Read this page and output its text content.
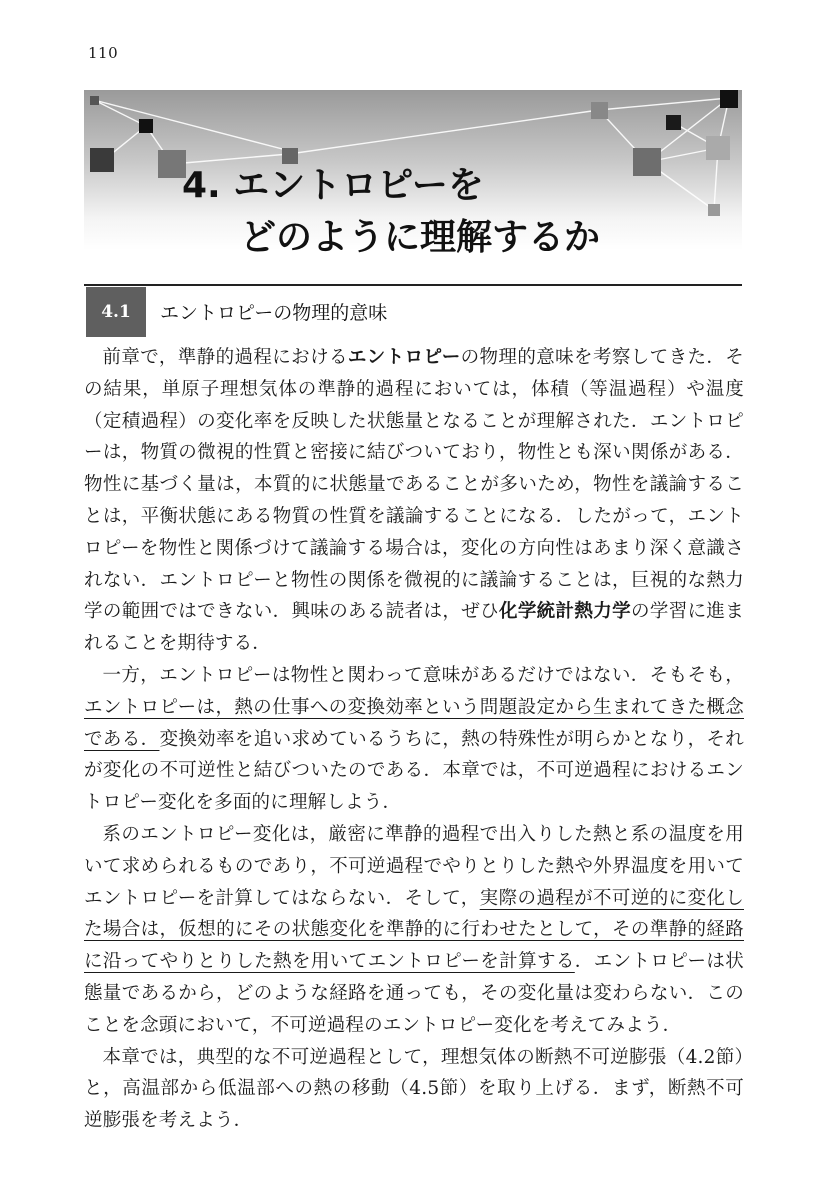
110
4. エントロピーを
どのように理解するか
4.1	エントロピーの物理的意味

前章で，準静的過程におけるエントロピーの物理的意味を考察してきた．その結果，単原子理想気体の準静的過程においては，体積（等温過程）や温度（定積過程）の変化率を反映した状態量となることが理解された．エントロピーは，物質の微視的性質と密接に結びついており，物性とも深い関係がある．物性に基づく量は，本質的に状態量であることが多いため，物性を議論することは，平衡状態にある物質の性質を議論することになる．したがって，エントロピーを物性と関係づけて議論する場合は，変化の方向性はあまり深く意識されない．エントロピーと物性の関係を微視的に議論することは，巨視的な熱力学の範囲ではできない．興味のある読者は，ぜひ化学統計熱力学の学習に進まれることを期待する．

一方，エントロピーは物性と関わって意味があるだけではない．そもそも，エントロピーは，熱の仕事への変換効率という問題設定から生まれてきた概念である．変換効率を追い求めているうちに，熱の特殊性が明らかとなり，それが変化の不可逆性と結びついたのである．本章では，不可逆過程におけるエントロピー変化を多面的に理解しよう．

系のエントロピー変化は，厳密に準静的過程で出入りした熱と系の温度を用いて求められるものであり，不可逆過程でやりとりした熱や外界温度を用いてエントロピーを計算してはならない．そして，実際の過程が不可逆的に変化した場合は，仮想的にその状態変化を準静的に行わせたとして，その準静的経路に沿ってやりとりした熱を用いてエントロピーを計算する．エントロピーは状態量であるから，どのような経路を通っても，その変化量は変わらない．このことを念頭において，不可逆過程のエントロピー変化を考えてみよう．

本章では，典型的な不可逆過程として，理想気体の断熱不可逆膨張（4.2節）と，高温部から低温部への熱の移動（4.5節）を取り上げる．まず，断熱不可逆膨張を考えよう．
